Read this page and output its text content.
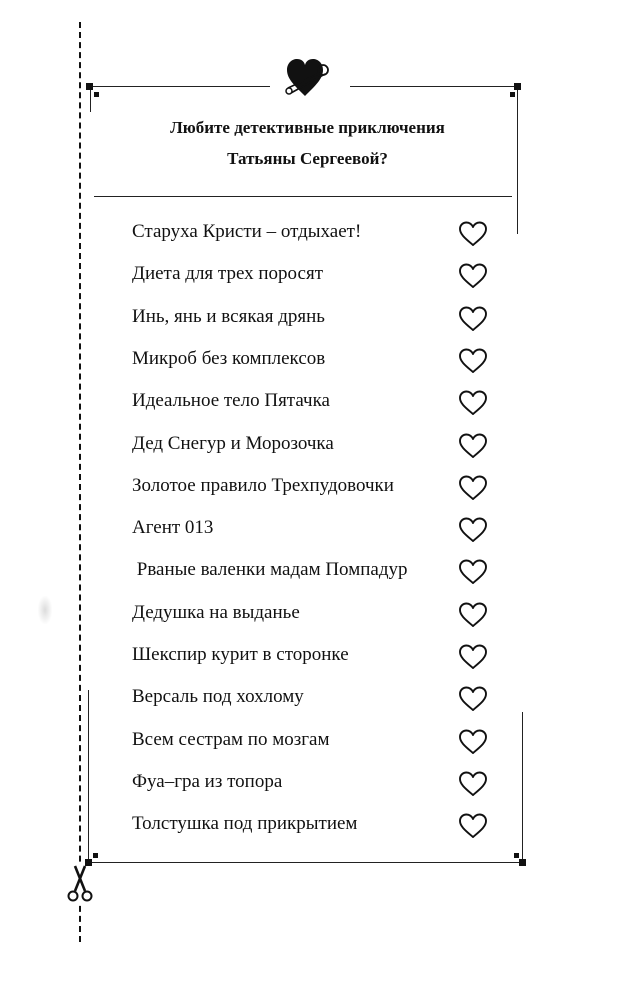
Любите детективные приключения
Татьяны Сергеевой?
Старуха Кристи – отдыхает!
Диета для трех поросят
Инь, янь и всякая дрянь
Микроб без комплексов
Идеальное тело Пятачка
Дед Снегур и Морозочка
Золотое правило Трехпудовочки
Агент 013
Рваные валенки мадам Помпадур
Дедушка на выданье
Шекспир курит в сторонке
Версаль под хохлому
Всем сестрам по мозгам
Фуа–гра из топора
Толстушка под прикрытием
